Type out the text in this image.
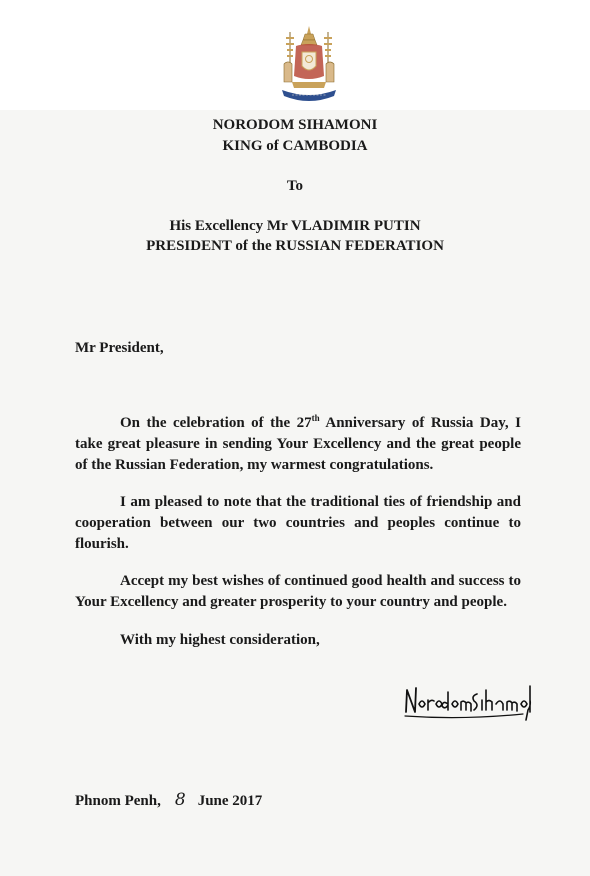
NORODOM SIHAMONI
KING of CAMBODIA
To
His Excellency Mr VLADIMIR PUTIN
PRESIDENT of the RUSSIAN FEDERATION
Mr President,

On the celebration of the 27th Anniversary of Russia Day, I take great pleasure in sending Your Excellency and the great people of the Russian Federation, my warmest congratulations.

I am pleased to note that the traditional ties of friendship and cooperation between our two countries and peoples continue to flourish.

Accept my best wishes of continued good health and success to Your Excellency and greater prosperity to your country and people.

With my highest consideration,
Phnom Penh, 8 June 2017
